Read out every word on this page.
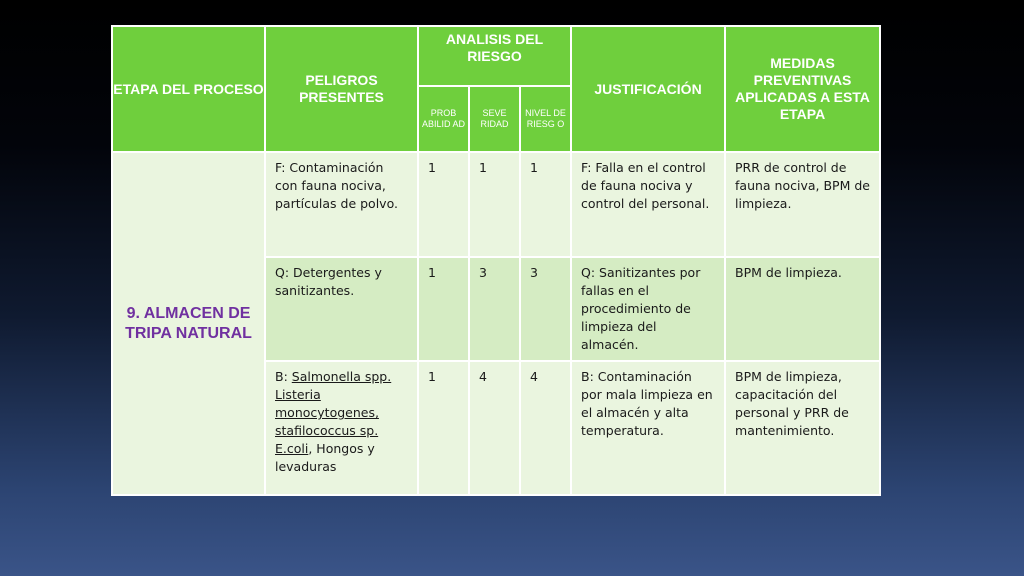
ETAPA DEL PROCESO	PELIGROS PRESENTES	ANALISIS DEL RIESGO			JUSTIFICACIÓN	MEDIDAS PREVENTIVAS APLICADAS A ESTA ETAPA
		PROB ABILID AD	SEVE RIDAD	NIVEL DE RIESG O		
9. ALMACEN DE TRIPA NATURAL	F: Contaminación con fauna nociva, partículas de polvo.	1	1	1	F: Falla en el control de fauna nociva y control del personal.	PRR de control de fauna nociva, BPM de limpieza.
	Q: Detergentes y sanitizantes.	1	3	3	Q: Sanitizantes por fallas en el procedimiento de limpieza del almacén.	BPM de limpieza.
	B: Salmonella spp. Listeria monocytogenes, stafilococcus sp. E.coli, Hongos y levaduras	1	4	4	B: Contaminación por mala limpieza en el almacén y alta temperatura.	BPM de limpieza, capacitación del personal y PRR de mantenimiento.
